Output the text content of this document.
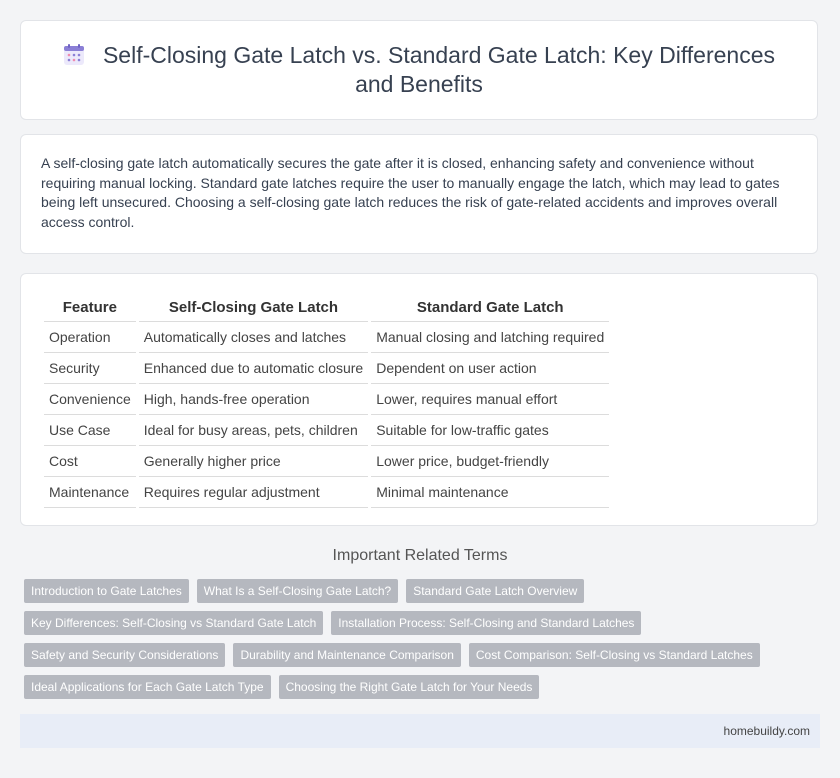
Self-Closing Gate Latch vs. Standard Gate Latch: Key Differences and Benefits

A self-closing gate latch automatically secures the gate after it is closed, enhancing safety and convenience without requiring manual locking. Standard gate latches require the user to manually engage the latch, which may lead to gates being left unsecured. Choosing a self-closing gate latch reduces the risk of gate-related accidents and improves overall access control.

Feature	Self-Closing Gate Latch	Standard Gate Latch
Operation	Automatically closes and latches	Manual closing and latching required
Security	Enhanced due to automatic closure	Dependent on user action
Convenience	High, hands-free operation	Lower, requires manual effort
Use Case	Ideal for busy areas, pets, children	Suitable for low-traffic gates
Cost	Generally higher price	Lower price, budget-friendly
Maintenance	Requires regular adjustment	Minimal maintenance
Important Related Terms
Introduction to Gate Latches	What Is a Self-Closing Gate Latch?	Standard Gate Latch Overview
Key Differences: Self-Closing vs Standard Gate Latch	Installation Process: Self-Closing and Standard Latches
Safety and Security Considerations	Durability and Maintenance Comparison	Cost Comparison: Self-Closing vs Standard Latches
Ideal Applications for Each Gate Latch Type	Choosing the Right Gate Latch for Your Needs
homebuildy.com
